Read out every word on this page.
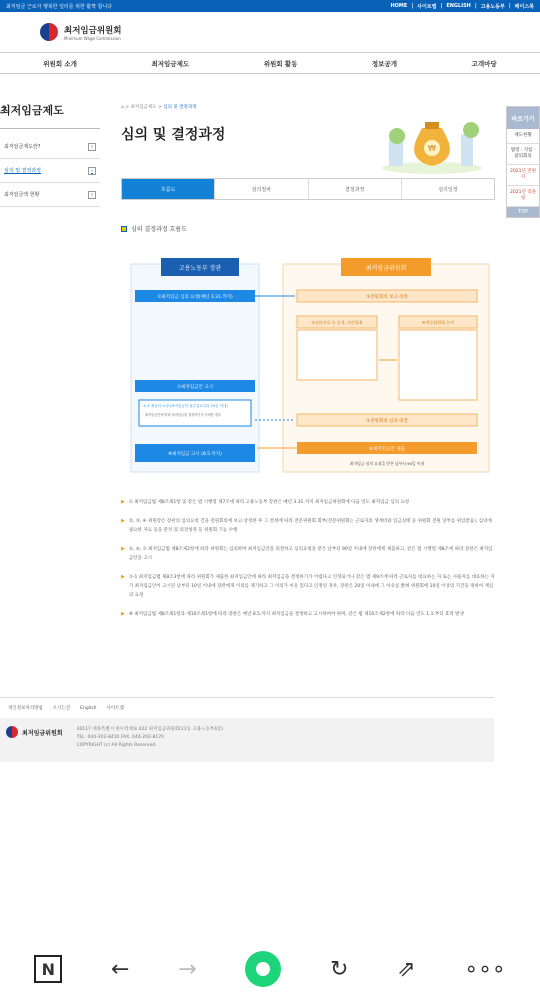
최저임금 근로자 행복한 일터를 위한 활짝 합니다	HOME | 사이트맵 | ENGLISH | 고용노동부 | 페이스북
최저임금위원회
Minimum Wage Commission
위원회 소개	최저임금제도	위원회 활동	정보공개	고객마당
최저임금제도
최저임금제도란?	›
심의 및 결정과정	›
최저임금액 현황	›
⌂ > 최저임금제도 > 심의 및 결정과정
심의 및 결정과정
₩
흐름도	심의절차	결정과정	심의일정
심의 결정과정 흐름도
고용노동부 장관	최저임금위원회
①최저임금 심의 요청(매년 3.31.까지)	②전원회의 보고·상정
③심의자료 등 분석, 의견청취	④전문위원회 논의
⑦최저임금안 고시
⑦-1 재심의 요청 (최저임금안 접수일로부터 10일 이내)
· 최저임금안에 따라 최저임금을 결정하기가 어려운 경우
⑧최저임금 고시 (8.5.까지)
⑤전원회의 심의·의결
⑥최저임금안 제출
최저임금 심의 요청을 받은 날부터 90일 이내

▶ ① 최저임금법 제8조제1항 및 같은 법 시행령 제7조에 따라 고용노동부 장관은 매년 3.31.까지 최저임금위원회에 다음 연도 최저임금 심의 요청

▶ ②, ③, ④ 위원장은 장관의 심의요청 건을 전원회의에 보고·상정한 후 그 결정에 따라 전문위원회 회부(전문위원회는 근로자의 생계비와 임금실태 등 위원회 전원 일부를 위임받음), 심의에 필요한 자료 등을 분석 및 의견청취 등 위원회 기능 수행

▶ ⑤, ⑥, ⑦ 최저임금법 제8조제2항에 따라 위원회는 심의하여 최저임금안을 의결하고 심의요청을 받은 날부터 90일 이내에 장관에게 제출하고, 같은 법 시행령 제8조에 따라 장관은 최저임금안을 고시

▶ ⑦-1 최저임금법 제8조3항에 따라 위원회가 제출한 최저임금안에 따라 최저임금을 결정하기가 어렵다고 인정되거나 같은 법 제9조에 따라 근로자를 대표하는 자 또는 사용자를 대표하는 자가 최저임금안이 고시된 날부터 10일 이내에 장관에게 이의를 제기하고 그 이의가 이유 있다고 인정된 경우, 장관은 20일 이내에 그 이유를 밝혀 위원회에 10일 이상의 기간을 정하여 재심의 요청

▶ ⑧ 최저임금법 제8조제1항과 제10조제1항에 따라 장관은 매년 8.5.까지 최저임금을 결정하고 고시하여야 하며, 같은 법 제10조제2항에 따라 다음 연도 1.1.부터 효력 발생

바로가기
제도현황
법령 · 지침 · 참의회의
2021년 전원지
2021년 리플릿
TOP
개인정보처리방침 오시는길 English 사이트맵
최저임금위원회	30117 세종특별시 한누리대로 422 최저임금위원회(11동 고용노동부4층)
TEL. 044-202-8410 FAX. 044-202-8170
COPYRIGHT (c) All Rights Reserved.
N	← →	↻ ⇗ ∘∘∘
